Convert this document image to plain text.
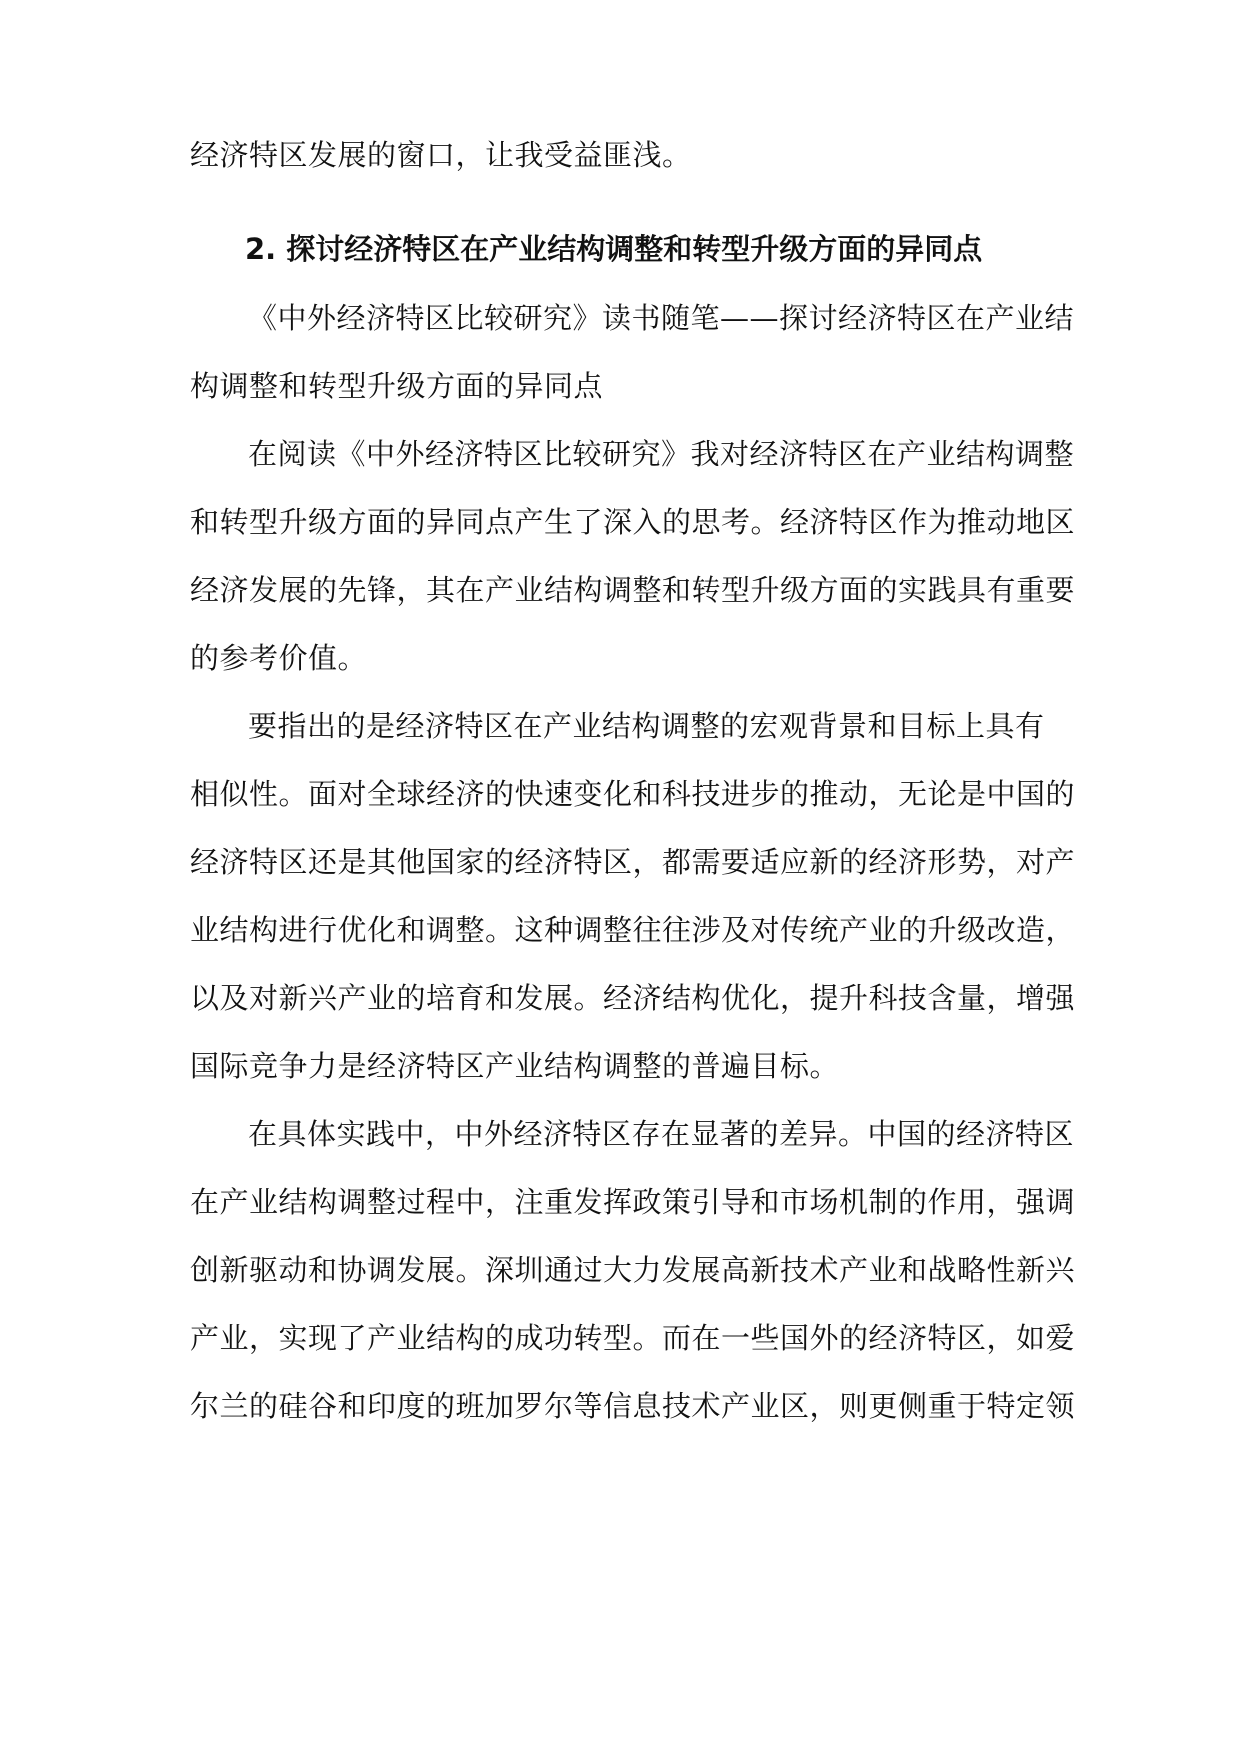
经济特区发展的窗口，让我受益匪浅。
2. 探讨经济特区在产业结构调整和转型升级方面的异同点
《中外经济特区比较研究》读书随笔——探讨经济特区在产业结
构调整和转型升级方面的异同点
在阅读《中外经济特区比较研究》我对经济特区在产业结构调整
和转型升级方面的异同点产生了深入的思考。经济特区作为推动地区
经济发展的先锋，其在产业结构调整和转型升级方面的实践具有重要
的参考价值。
要指出的是经济特区在产业结构调整的宏观背景和目标上具有
相似性。面对全球经济的快速变化和科技进步的推动，无论是中国的
经济特区还是其他国家的经济特区，都需要适应新的经济形势，对产
业结构进行优化和调整。这种调整往往涉及对传统产业的升级改造，
以及对新兴产业的培育和发展。经济结构优化，提升科技含量，增强
国际竞争力是经济特区产业结构调整的普遍目标。
在具体实践中，中外经济特区存在显著的差异。中国的经济特区
在产业结构调整过程中，注重发挥政策引导和市场机制的作用，强调
创新驱动和协调发展。深圳通过大力发展高新技术产业和战略性新兴
产业，实现了产业结构的成功转型。而在一些国外的经济特区，如爱
尔兰的硅谷和印度的班加罗尔等信息技术产业区，则更侧重于特定领
